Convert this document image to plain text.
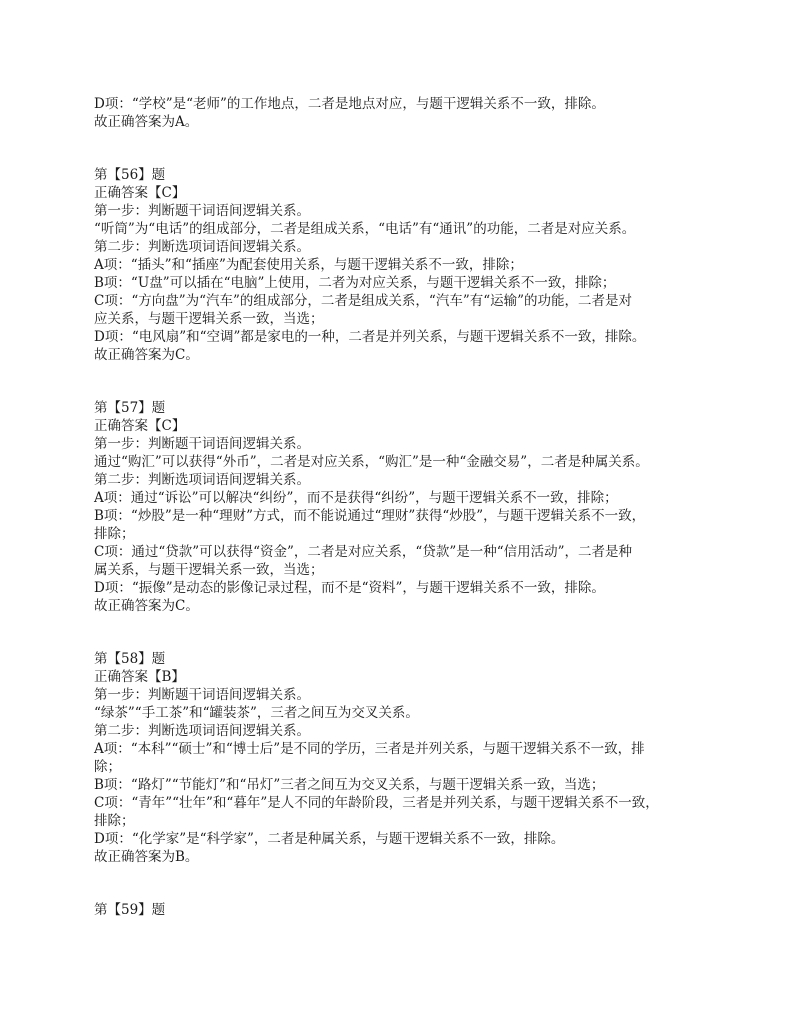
D项：“学校”是“老师”的工作地点，二者是地点对应，与题干逻辑关系不一致，排除。
故正确答案为A。
第【56】题
正确答案【C】
第一步：判断题干词语间逻辑关系。
“听筒”为“电话”的组成部分，二者是组成关系，“电话”有“通讯”的功能，二者是对应关系。
第二步：判断选项词语间逻辑关系。
A项：“插头”和“插座”为配套使用关系，与题干逻辑关系不一致，排除；
B项：“U盘”可以插在“电脑”上使用，二者为对应关系，与题干逻辑关系不一致，排除；
C项：“方向盘”为“汽车”的组成部分，二者是组成关系，“汽车”有“运输”的功能，二者是对
应关系，与题干逻辑关系一致，当选；
D项：“电风扇”和“空调”都是家电的一种，二者是并列关系，与题干逻辑关系不一致，排除。
故正确答案为C。
第【57】题
正确答案【C】
第一步：判断题干词语间逻辑关系。
通过“购汇”可以获得“外币”，二者是对应关系，“购汇”是一种“金融交易”，二者是种属关系。
第二步：判断选项词语间逻辑关系。
A项：通过“诉讼”可以解决“纠纷”，而不是获得“纠纷”，与题干逻辑关系不一致，排除；
B项：“炒股”是一种“理财”方式，而不能说通过“理财”获得“炒股”，与题干逻辑关系不一致，
排除；
C项：通过“贷款”可以获得“资金”，二者是对应关系，“贷款”是一种“信用活动”，二者是种
属关系，与题干逻辑关系一致，当选；
D项：“振像”是动态的影像记录过程，而不是“资料”，与题干逻辑关系不一致，排除。
故正确答案为C。
第【58】题
正确答案【B】
第一步：判断题干词语间逻辑关系。
“绿茶”“手工茶”和“罐装茶”，三者之间互为交叉关系。
第二步：判断选项词语间逻辑关系。
A项：“本科”“硕士”和“博士后”是不同的学历，三者是并列关系，与题干逻辑关系不一致，排
除；
B项：“路灯”“节能灯”和“吊灯”三者之间互为交叉关系，与题干逻辑关系一致，当选；
C项：“青年”“壮年”和“暮年”是人不同的年龄阶段，三者是并列关系，与题干逻辑关系不一致，
排除；
D项：“化学家”是“科学家”，二者是种属关系，与题干逻辑关系不一致，排除。
故正确答案为B。
第【59】题
